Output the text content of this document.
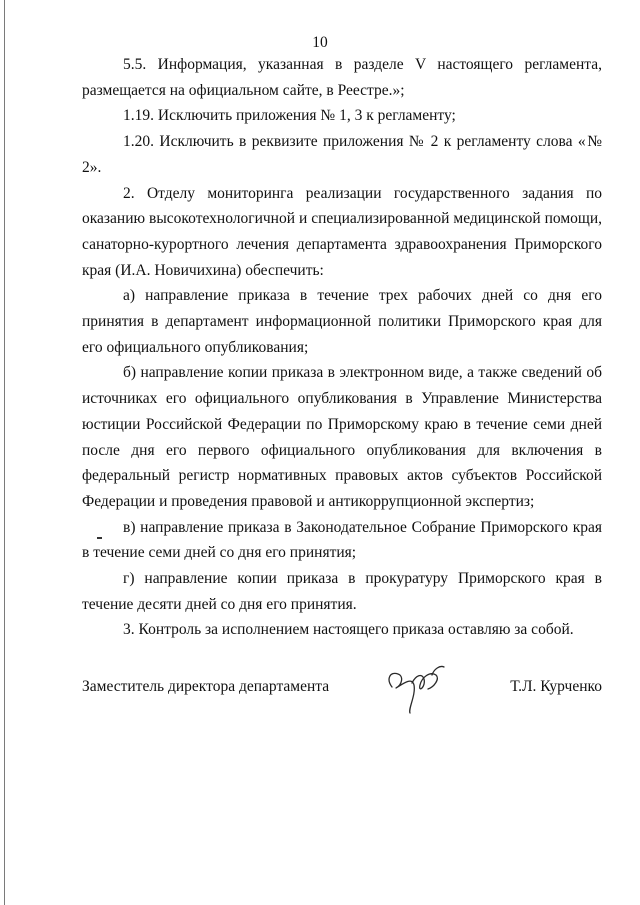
10

5.5. Информация, указанная в разделе V настоящего регламента, размещается на официальном сайте, в Реестре.»;

1.19. Исключить приложения № 1, 3 к регламенту;

1.20. Исключить в реквизите приложения № 2 к регламенту слова «№ 2».

2. Отделу мониторинга реализации государственного задания по оказанию высокотехнологичной и специализированной медицинской помощи, санаторно-курортного лечения департамента здравоохранения Приморского края (И.А. Новичихина) обеспечить:

а) направление приказа в течение трех рабочих дней со дня его принятия в департамент информационной политики Приморского края для его официального опубликования;

б) направление копии приказа в электронном виде, а также сведений об источниках его официального опубликования в Управление Министерства юстиции Российской Федерации по Приморскому краю в течение семи дней после дня его первого официального опубликования для включения в федеральный регистр нормативных правовых актов субъектов Российской Федерации и проведения правовой и антикоррупционной экспертиз;

в) направление приказа в Законодательное Собрание Приморского края в течение семи дней со дня его принятия;

г) направление копии приказа в прокуратуру Приморского края в течение десяти дней со дня его принятия.

3. Контроль за исполнением настоящего приказа оставляю за собой.

Заместитель директора департамента	Т.Л. Курченко
